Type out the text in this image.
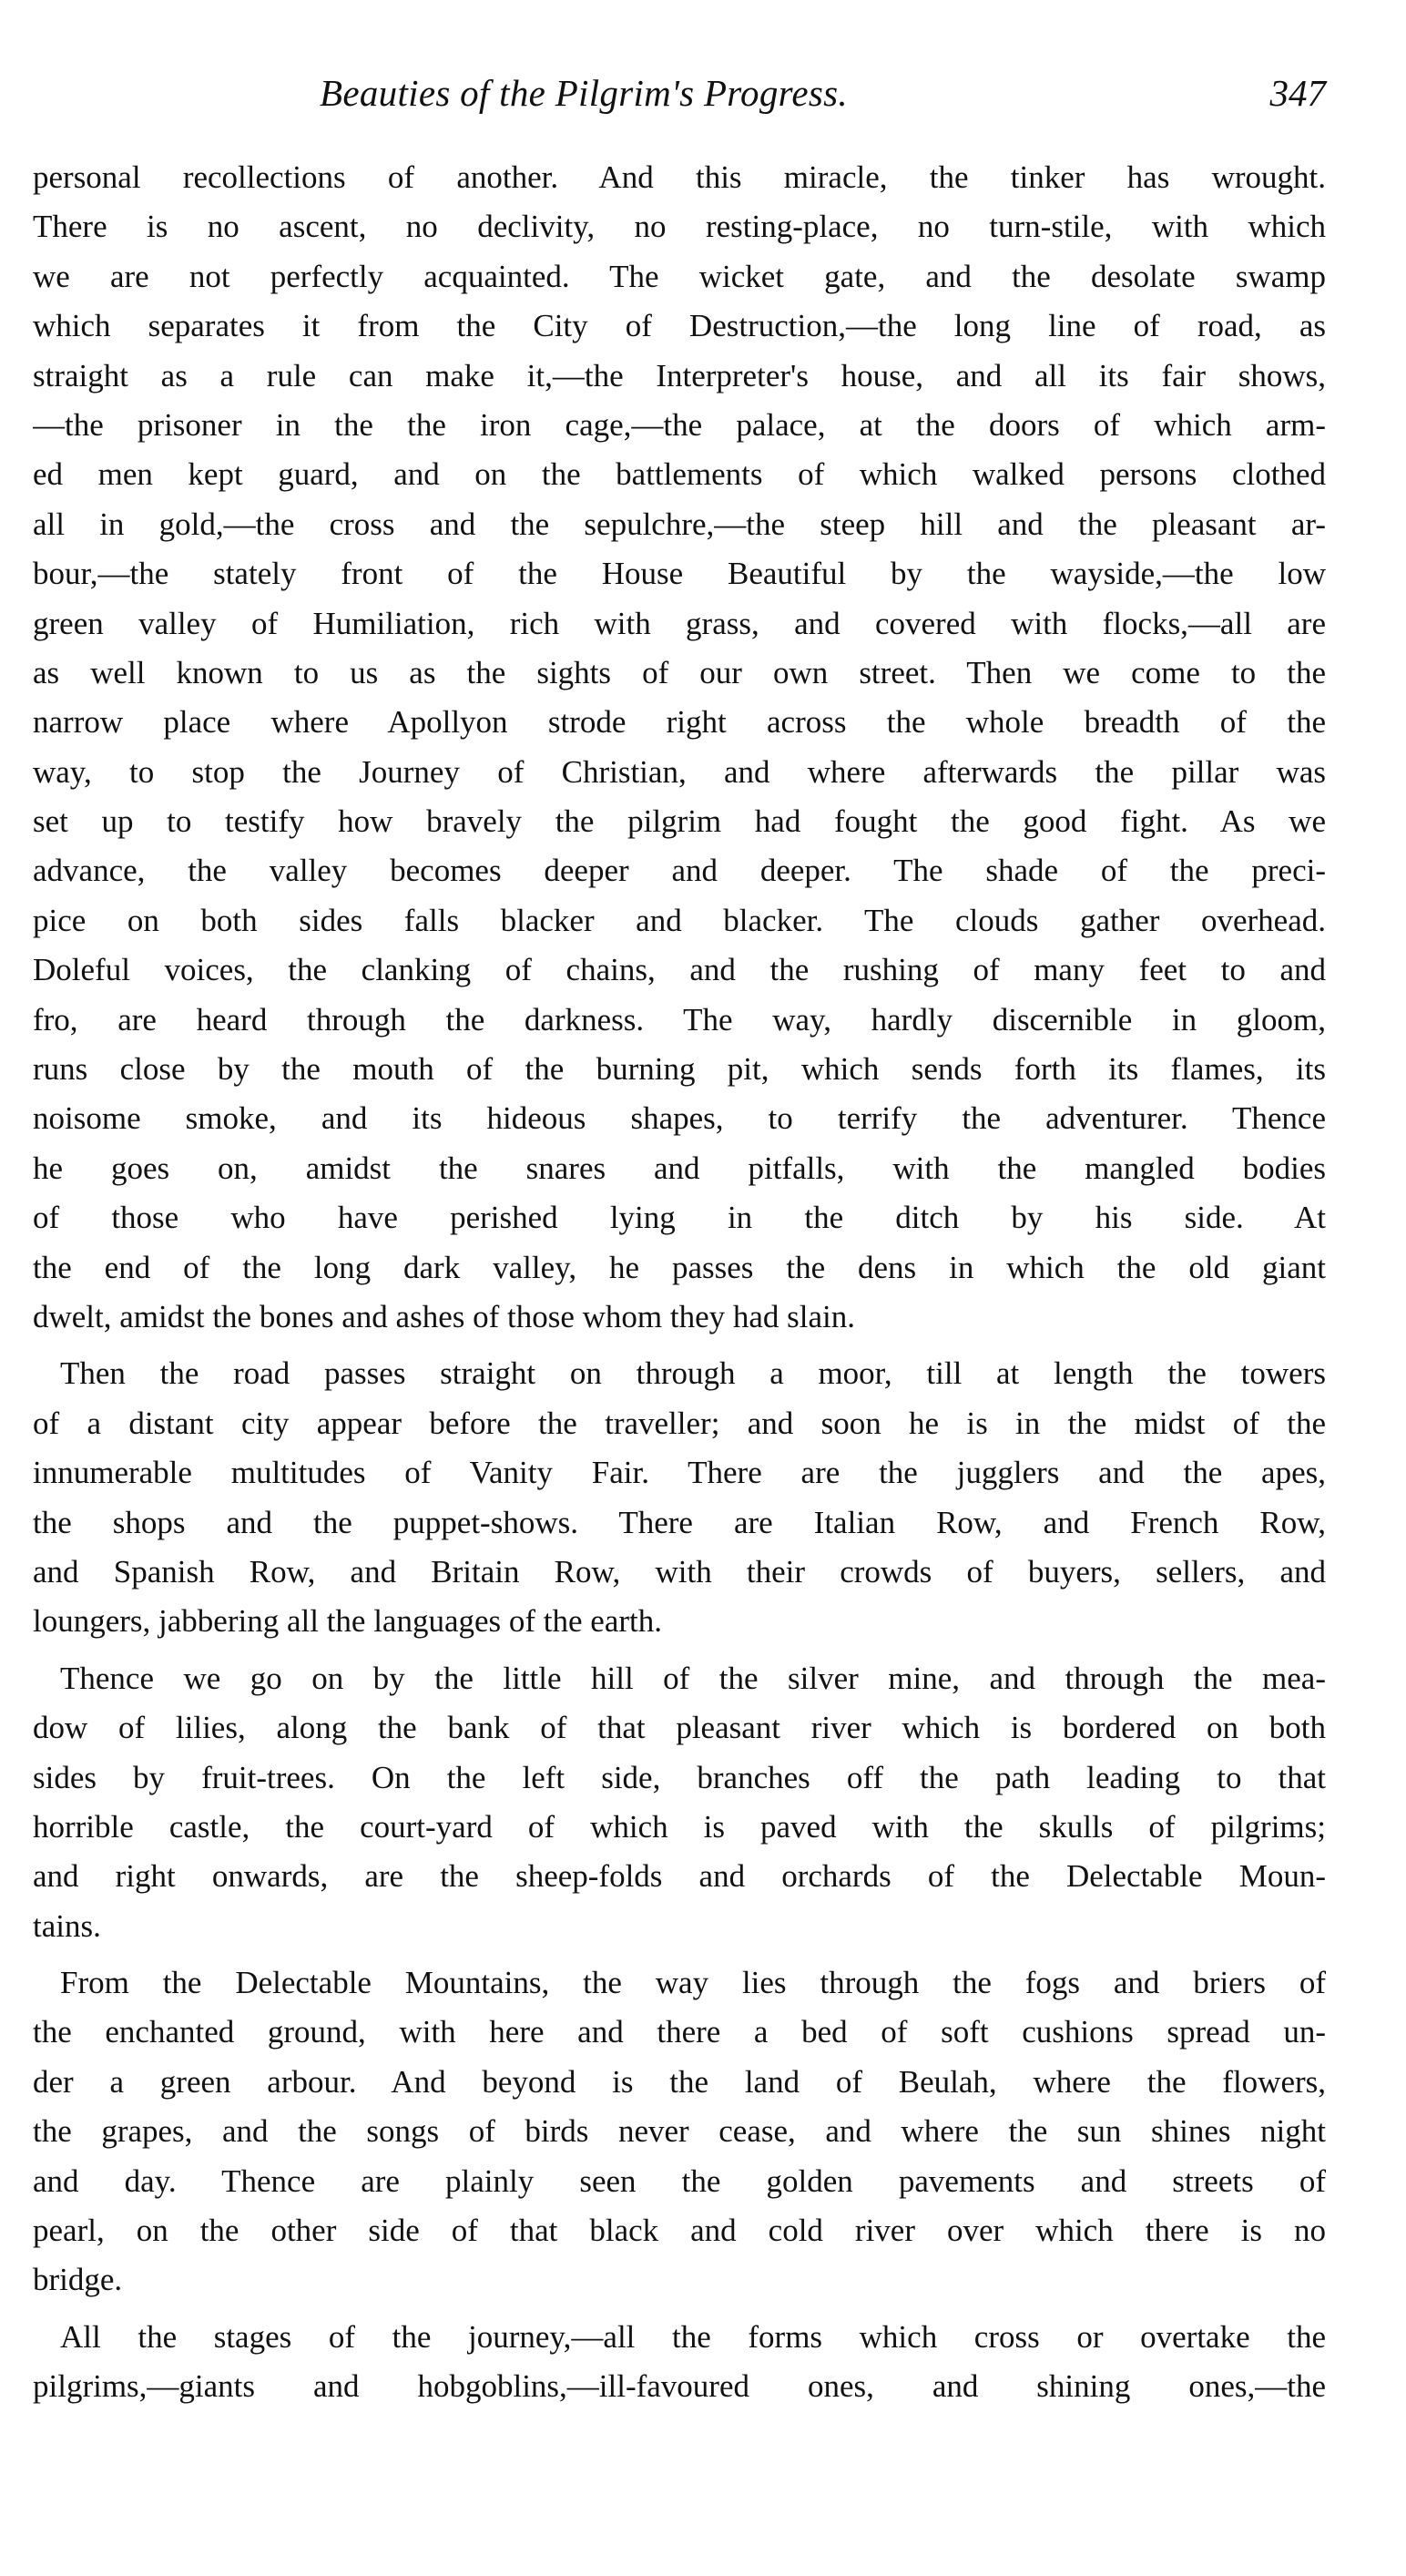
Beauties of the Pilgrim's Progress.	347
personal recollections of another. And this miracle, the tinker has wrought.
There is no ascent, no declivity, no resting-place, no turn-stile, with which
we are not perfectly acquainted. The wicket gate, and the desolate swamp
which separates it from the City of Destruction,—the long line of road, as
straight as a rule can make it,—the Interpreter's house, and all its fair shows,
—the prisoner in the the iron cage,—the palace, at the doors of which arm-
ed men kept guard, and on the battlements of which walked persons clothed
all in gold,—the cross and the sepulchre,—the steep hill and the pleasant ar-
bour,—the stately front of the House Beautiful by the wayside,—the low
green valley of Humiliation, rich with grass, and covered with flocks,—all are
as well known to us as the sights of our own street. Then we come to the
narrow place where Apollyon strode right across the whole breadth of the
way, to stop the Journey of Christian, and where afterwards the pillar was
set up to testify how bravely the pilgrim had fought the good fight. As we
advance, the valley becomes deeper and deeper. The shade of the preci-
pice on both sides falls blacker and blacker. The clouds gather overhead.
Doleful voices, the clanking of chains, and the rushing of many feet to and
fro, are heard through the darkness. The way, hardly discernible in gloom,
runs close by the mouth of the burning pit, which sends forth its flames, its
noisome smoke, and its hideous shapes, to terrify the adventurer. Thence
he goes on, amidst the snares and pitfalls, with the mangled bodies
of those who have perished lying in the ditch by his side. At
the end of the long dark valley, he passes the dens in which the old giant
dwelt, amidst the bones and ashes of those whom they had slain.
Then the road passes straight on through a moor, till at length the towers
of a distant city appear before the traveller; and soon he is in the midst of the
innumerable multitudes of Vanity Fair. There are the jugglers and the apes,
the shops and the puppet-shows. There are Italian Row, and French Row,
and Spanish Row, and Britain Row, with their crowds of buyers, sellers, and
loungers, jabbering all the languages of the earth.
Thence we go on by the little hill of the silver mine, and through the mea-
dow of lilies, along the bank of that pleasant river which is bordered on both
sides by fruit-trees. On the left side, branches off the path leading to that
horrible castle, the court-yard of which is paved with the skulls of pilgrims;
and right onwards, are the sheep-folds and orchards of the Delectable Moun-
tains.
From the Delectable Mountains, the way lies through the fogs and briers of
the enchanted ground, with here and there a bed of soft cushions spread un-
der a green arbour. And beyond is the land of Beulah, where the flowers,
the grapes, and the songs of birds never cease, and where the sun shines night
and day. Thence are plainly seen the golden pavements and streets of
pearl, on the other side of that black and cold river over which there is no
bridge.
All the stages of the journey,—all the forms which cross or overtake the
pilgrims,—giants and hobgoblins,—ill-favoured ones, and shining ones,—the
